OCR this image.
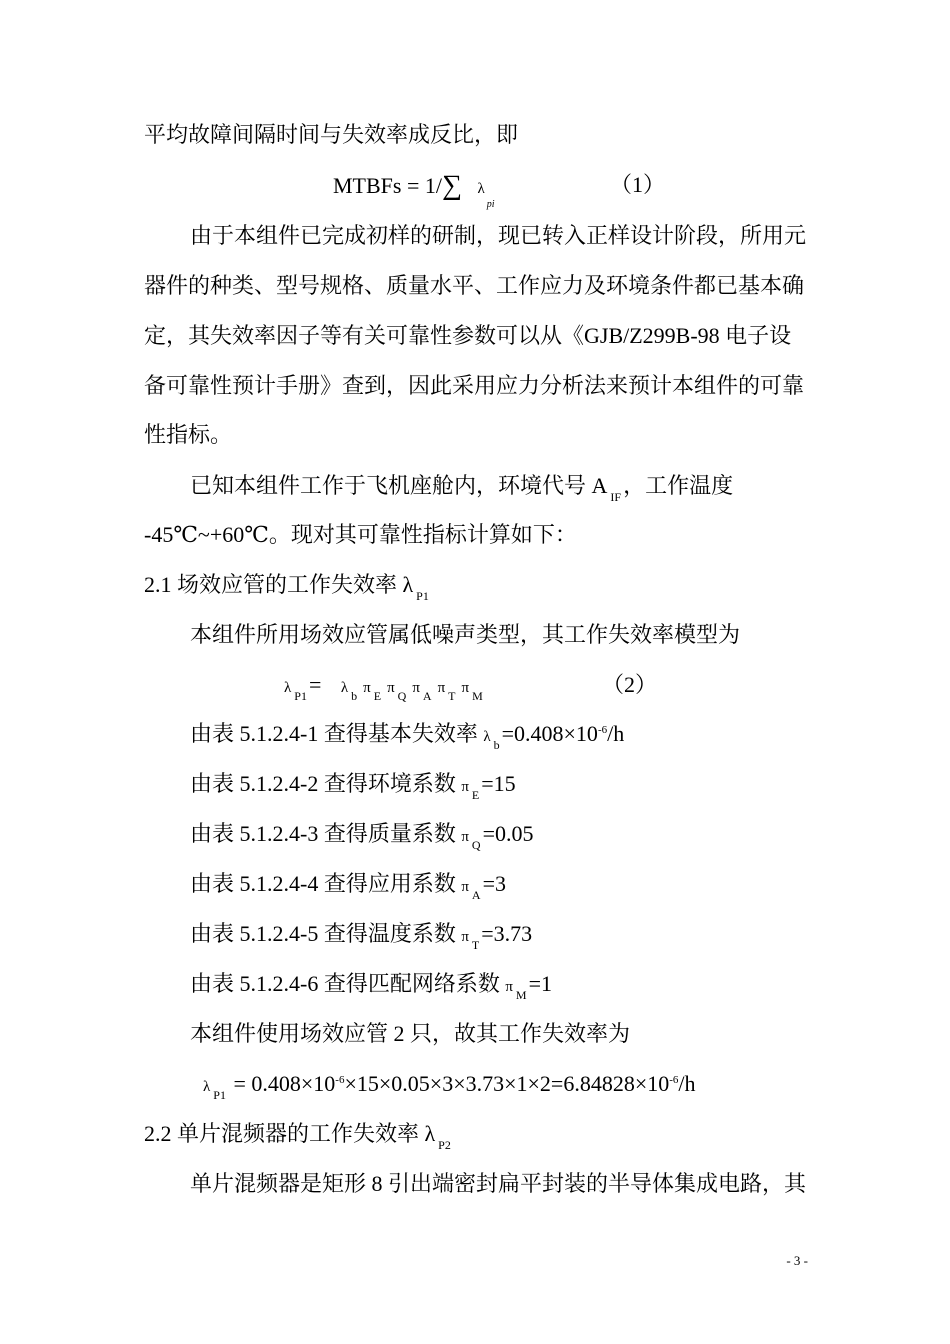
平均故障间隔时间与失效率成反比，即
MTBFs = 1/∑ $\lambda_{pi}$
（1）
由于本组件已完成初样的研制，现已转入正样设计阶段，所用元
器件的种类、型号规格、质量水平、工作应力及环境条件都已基本确
定，其失效率因子等有关可靠性参数可以从《GJB/Z299B-98 电子设
备可靠性预计手册》查到，因此采用应力分析法来预计本组件的可靠
性指标。
已知本组件工作于飞机座舱内，环境代号 A $_{IF}$，工作温度
-45℃~+60℃。现对其可靠性指标计算如下：
2.1 场效应管的工作失效率 λ $_{P1}$
本组件所用场效应管属低噪声类型，其工作失效率模型为
λ $_{P1}$= λ $_b$ π $_E$ π $_Q$ π $_A$ π $_T$ π $_M$	（2）
由表 5.1.2.4-1 查得基本失效率 λ $_b=0.408\times 10^{-6}/h$
由表 5.1.2.4-2 查得环境系数 π $_E$=15
由表 5.1.2.4-3 查得质量系数 π $_Q$=0.05
由表 5.1.2.4-4 查得应用系数 π $_A$=3
由表 5.1.2.4-5 查得温度系数 π $_T$=3.73
由表 5.1.2.4-6 查得匹配网络系数 π $_M$=1
本组件使用场效应管 2 只，故其工作失效率为
λ $_{P1} = 0.408\times 10^{-6}\times 15\times 0.05\times 3\times 3.73\times 1\times 2=6.84828\times 10^{-6}/h$
2.2 单片混频器的工作失效率 λ $_{P2}$
单片混频器是矩形 8 引出端密封扁平封装的半导体集成电路，其
- 3 -
